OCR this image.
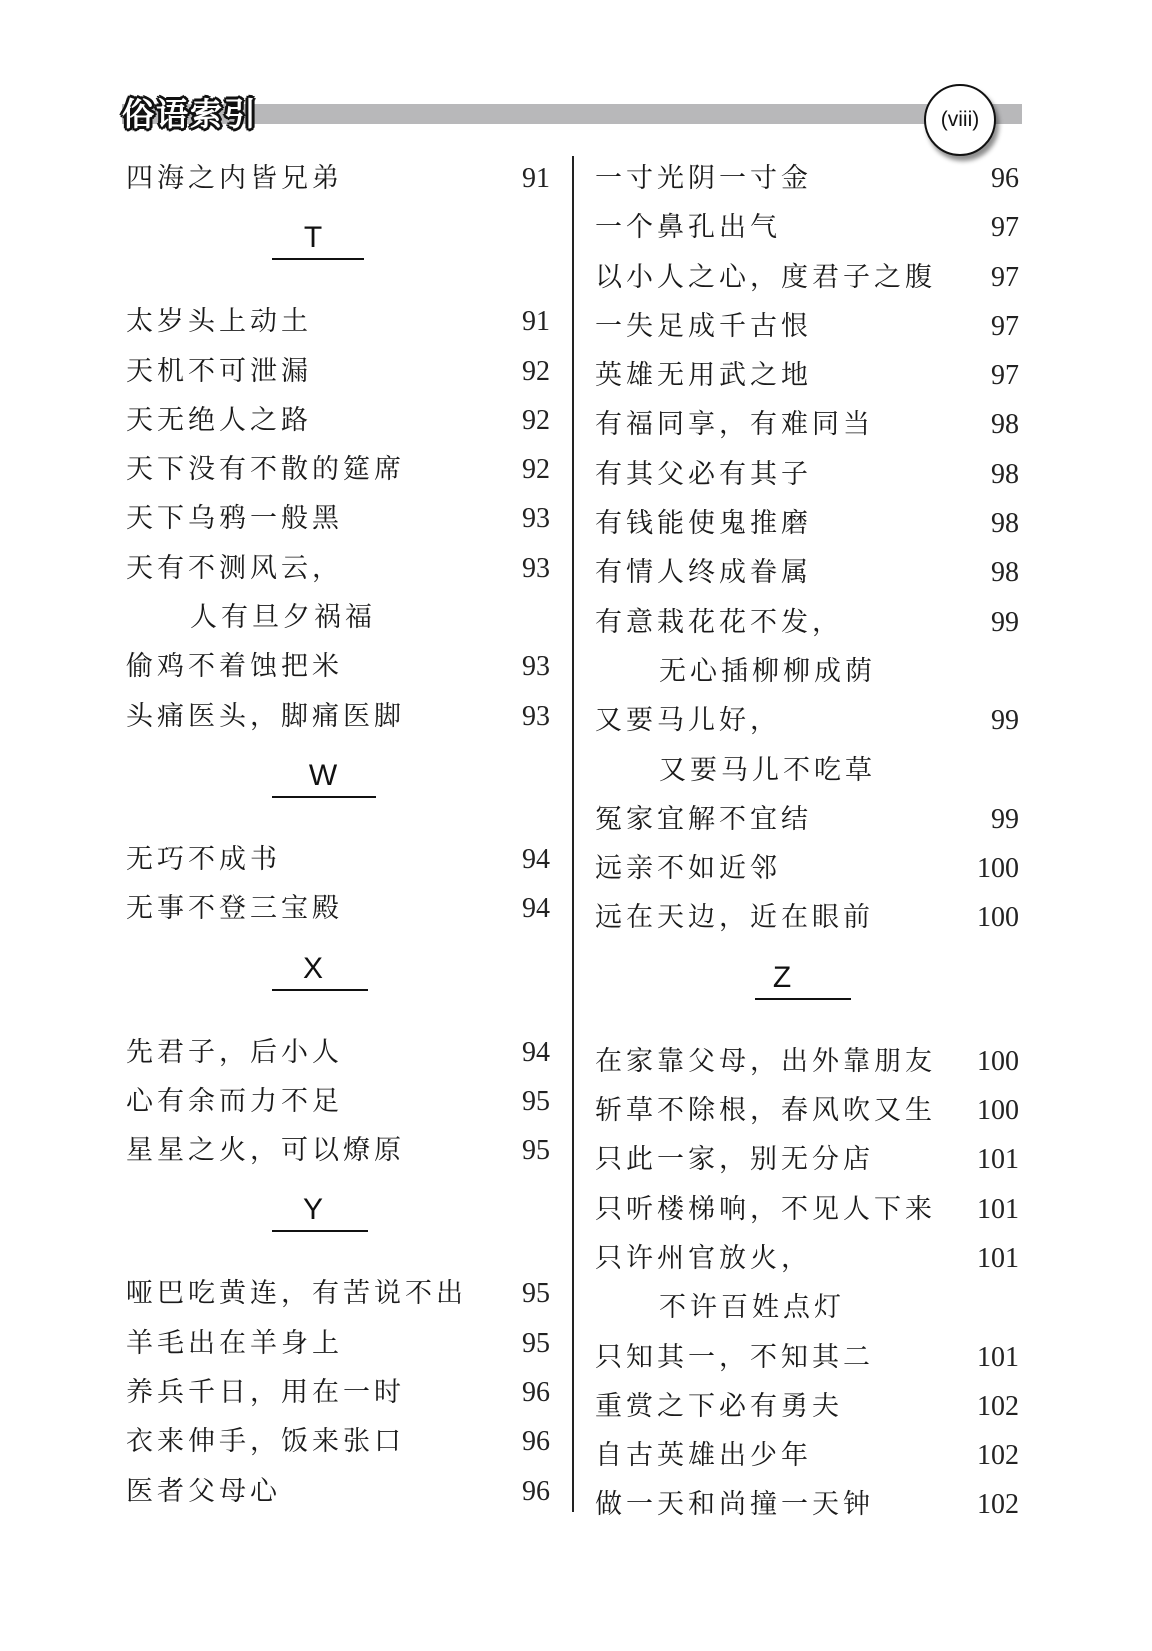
俗语索引	(viii)
四海之内皆兄弟	91
T
太岁头上动土	91
天机不可泄漏	92
天无绝人之路	92
天下没有不散的筵席	92
天下乌鸦一般黑	93
天有不测风云，	93
人有旦夕祸福
偷鸡不着蚀把米	93
头痛医头，脚痛医脚	93
W
无巧不成书	94
无事不登三宝殿	94
X
先君子，后小人	94
心有余而力不足	95
星星之火，可以燎原	95
Y
哑巴吃黄连，有苦说不出 95
羊毛出在羊身上	95
养兵千日，用在一时	96
衣来伸手，饭来张口	96
医者父母心	96
一寸光阴一寸金	96
一个鼻孔出气	97
以小人之心，度君子之腹 97
一失足成千古恨	97
英雄无用武之地	97
有福同享，有难同当	98
有其父必有其子	98
有钱能使鬼推磨	98
有情人终成眷属	98
有意栽花花不发，	99
无心插柳柳成荫
又要马儿好，	99
又要马儿不吃草
冤家宜解不宜结	99
远亲不如近邻	100
远在天边，近在眼前	100
Z
在家靠父母，出外靠朋友 100
斩草不除根，春风吹又生 100
只此一家，别无分店	101
只听楼梯响，不见人下来 101
只许州官放火，	101
不许百姓点灯
只知其一，不知其二	101
重赏之下必有勇夫	102
自古英雄出少年	102
做一天和尚撞一天钟	102
